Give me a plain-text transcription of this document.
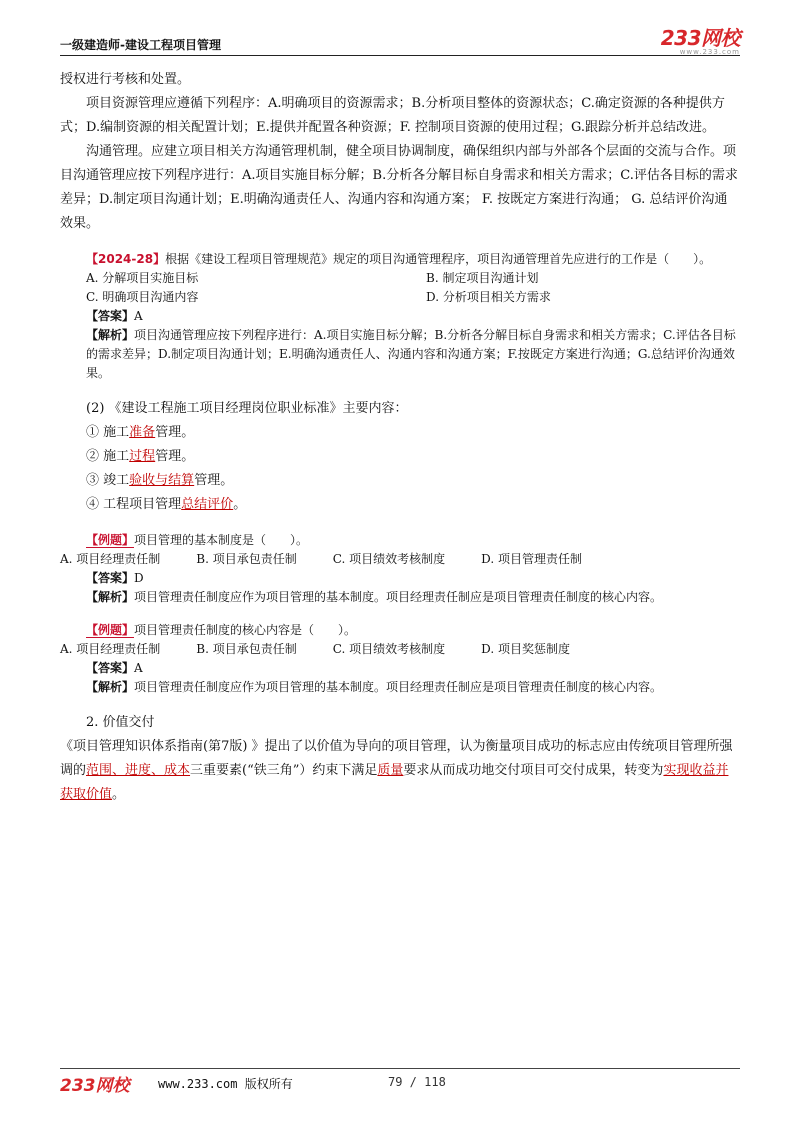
一级建造师-建设工程项目管理	233网校
www.233.com

授权进行考核和处置。

项目资源管理应遵循下列程序：A.明确项目的资源需求；B.分析项目整体的资源状态；C.确定资源的各种提供方式；D.编制资源的相关配置计划；E.提供并配置各种资源；F. 控制项目资源的使用过程；G.跟踪分析并总结改进。

沟通管理。应建立项目相关方沟通管理机制，健全项目协调制度，确保组织内部与外部各个层面的交流与合作。项目沟通管理应按下列程序进行：A.项目实施目标分解；B.分析各分解目标自身需求和相关方需求；C.评估各目标的需求差异；D.制定项目沟通计划；E.明确沟通责任人、沟通内容和沟通方案； F. 按既定方案进行沟通； G. 总结评价沟通效果。

【2024-28】根据《建设工程项目管理规范》规定的项目沟通管理程序，项目沟通管理首先应进行的工作是（　　）。

A. 分解项目实施目标	B. 制定项目沟通计划
C. 明确项目沟通内容	D. 分析项目相关方需求

【答案】A

【解析】项目沟通管理应按下列程序进行：A.项目实施目标分解；B.分析各分解目标自身需求和相关方需求；C.评估各目标的需求差异；D.制定项目沟通计划；E.明确沟通责任人、沟通内容和沟通方案；F.按既定方案进行沟通；G.总结评价沟通效果。

(2) 《建设工程施工项目经理岗位职业标准》主要内容：

① 施工准备管理。

② 施工过程管理。

③ 竣工验收与结算管理。

④ 工程项目管理总结评价。

【例题】项目管理的基本制度是（　　）。

A. 项目经理责任制	B. 项目承包责任制	C. 项目绩效考核制度	D. 项目管理责任制

【答案】D

【解析】项目管理责任制度应作为项目管理的基本制度。项目经理责任制应是项目管理责任制度的核心内容。

【例题】项目管理责任制度的核心内容是（　　）。

A. 项目经理责任制	B. 项目承包责任制	C. 项目绩效考核制度	D. 项目奖惩制度

【答案】A

【解析】项目管理责任制度应作为项目管理的基本制度。项目经理责任制应是项目管理责任制度的核心内容。

2. 价值交付

《项目管理知识体系指南(第7版) 》提出了以价值为导向的项目管理，认为衡量项目成功的标志应由传统项目管理所强调的范围、进度、成本三重要素(“铁三角”）约束下满足质量要求从而成功地交付项目可交付成果，转变为实现收益并获取价值。

233网校 www.233.com 版权所有	79 / 118
